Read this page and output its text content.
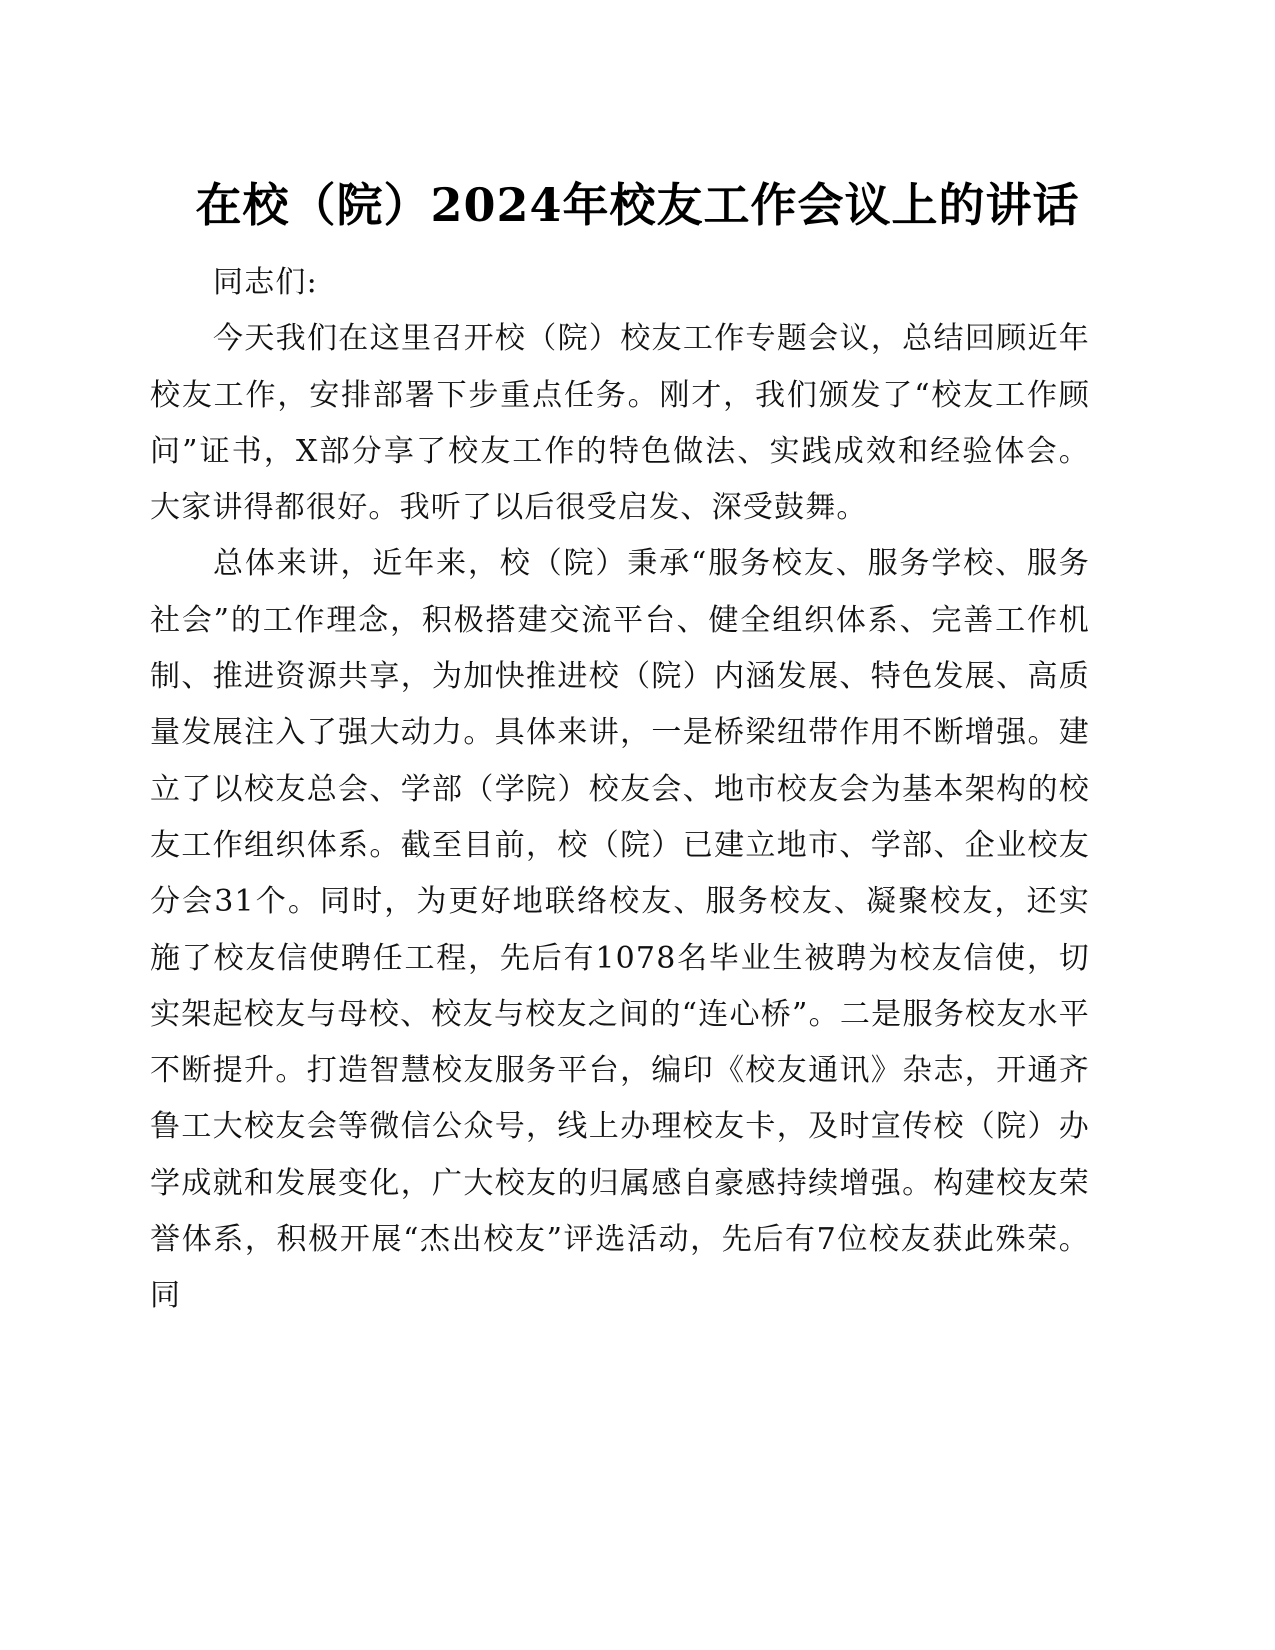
在校（院）2024年校友工作会议上的讲话

同志们:

今天我们在这里召开校（院）校友工作专题会议，总结回顾近年校友工作，安排部署下步重点任务。刚才，我们颁发了“校友工作顾问”证书，X部分享了校友工作的特色做法、实践成效和经验体会。大家讲得都很好。我听了以后很受启发、深受鼓舞。

总体来讲，近年来，校（院）秉承“服务校友、服务学校、服务社会”的工作理念，积极搭建交流平台、健全组织体系、完善工作机制、推进资源共享，为加快推进校（院）内涵发展、特色发展、高质量发展注入了强大动力。具体来讲，一是桥梁纽带作用不断增强。建立了以校友总会、学部（学院）校友会、地市校友会为基本架构的校友工作组织体系。截至目前，校（院）已建立地市、学部、企业校友分会31个。同时，为更好地联络校友、服务校友、凝聚校友，还实施了校友信使聘任工程，先后有1078名毕业生被聘为校友信使，切实架起校友与母校、校友与校友之间的“连心桥”。二是服务校友水平不断提升。打造智慧校友服务平台，编印《校友通讯》杂志，开通齐鲁工大校友会等微信公众号，线上办理校友卡，及时宣传校（院）办学成就和发展变化，广大校友的归属感自豪感持续增强。构建校友荣誉体系，积极开展“杰出校友”评选活动，先后有7位校友获此殊荣。同
